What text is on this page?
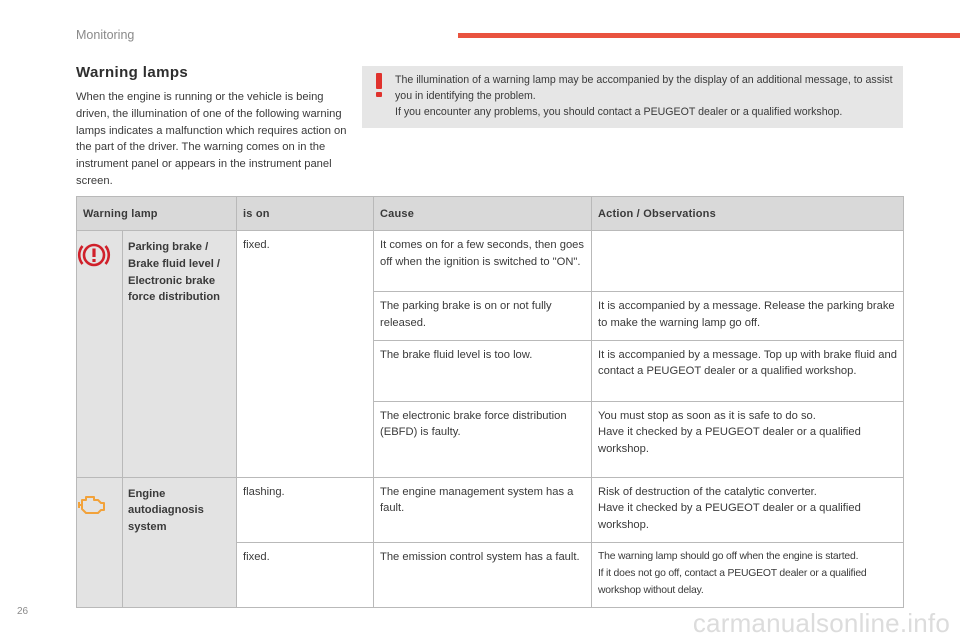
Monitoring
Warning lamps

When the engine is running or the vehicle is being driven, the illumination of one of the following warning lamps indicates a malfunction which requires action on the part of the driver. The warning comes on in the instrument panel or appears in the instrument panel screen.

The illumination of a warning lamp may be accompanied by the display of an additional message, to assist you in identifying the problem.
If you encounter any problems, you should contact a PEUGEOT dealer or a qualified workshop.
Warning lamp		is on	Cause	Action / Observations
	Parking brake / Brake fluid level / Electronic brake force distribution	fixed.	It comes on for a few seconds, then goes off when the ignition is switched to "ON".	
			The parking brake is on or not fully released.	It is accompanied by a message. Release the parking brake to make the warning lamp go off.
			The brake fluid level is too low.	It is accompanied by a message. Top up with brake fluid and contact a PEUGEOT dealer or a qualified workshop.
			The electronic brake force distribution (EBFD) is faulty.	You must stop as soon as it is safe to do so.
Have it checked by a PEUGEOT dealer or a qualified workshop.

	Engine autodiagnosis system	flashing.	The engine management system has a fault.	Risk of destruction of the catalytic converter.
Have it checked by a PEUGEOT dealer or a qualified workshop.

		fixed.	The emission control system has a fault.	The warning lamp should go off when the engine is started.
If it does not go off, contact a PEUGEOT dealer or a qualified workshop without delay.
26	carmanualsonline.info
